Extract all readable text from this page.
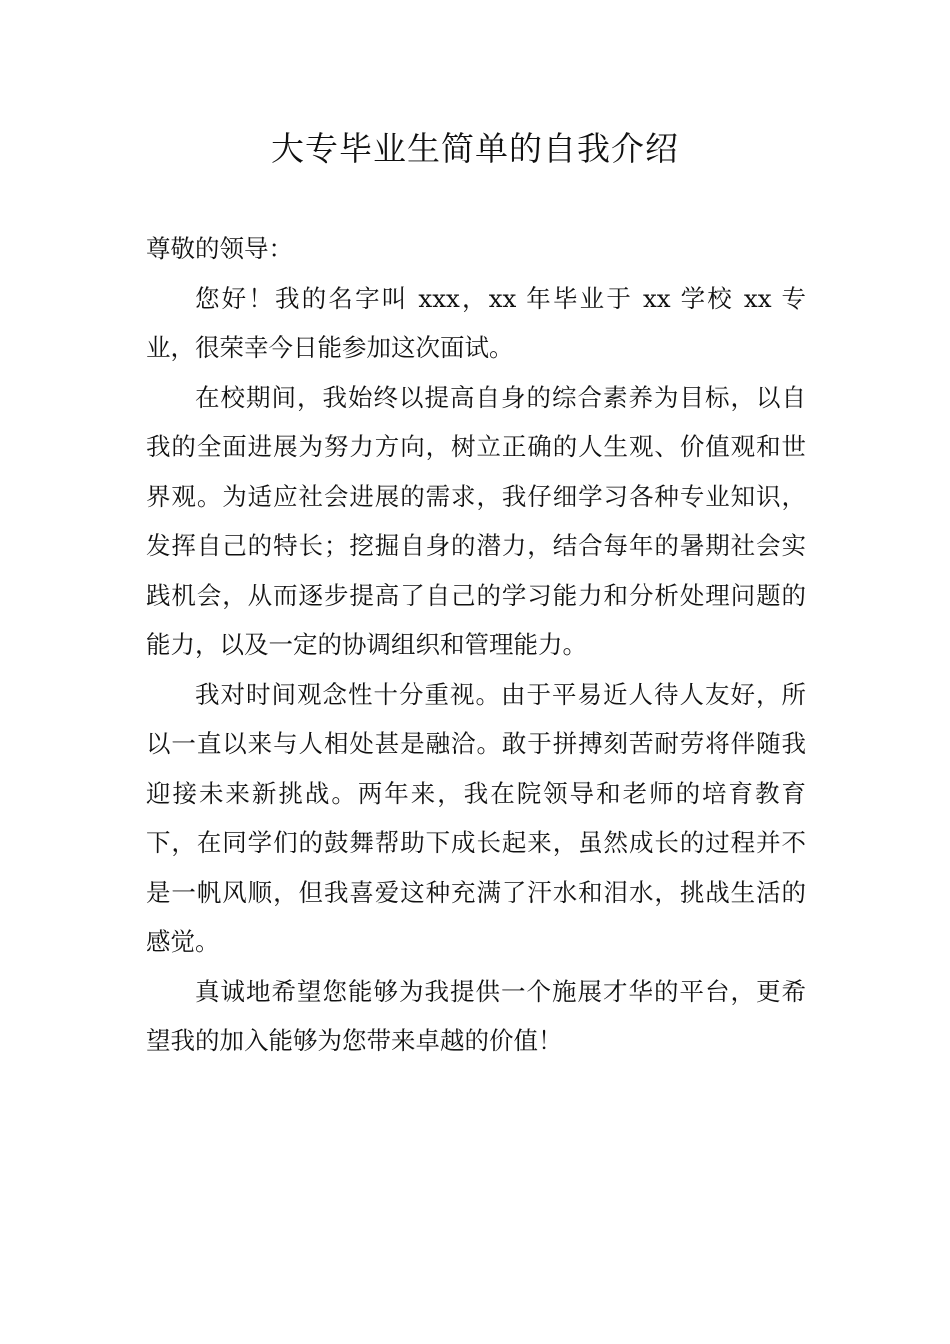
大专毕业生简单的自我介绍

尊敬的领导：

您好！我的名字叫 xxx，xx 年毕业于 xx 学校 xx 专业，很荣幸今日能参加这次面试。

在校期间，我始终以提高自身的综合素养为目标，以自我的全面进展为努力方向，树立正确的人生观、价值观和世界观。为适应社会进展的需求，我仔细学习各种专业知识，发挥自己的特长；挖掘自身的潜力，结合每年的暑期社会实践机会，从而逐步提高了自己的学习能力和分析处理问题的能力，以及一定的协调组织和管理能力。

我对时间观念性十分重视。由于平易近人待人友好，所以一直以来与人相处甚是融洽。敢于拼搏刻苦耐劳将伴随我迎接未来新挑战。两年来，我在院领导和老师的培育教育下，在同学们的鼓舞帮助下成长起来，虽然成长的过程并不是一帆风顺，但我喜爱这种充满了汗水和泪水，挑战生活的感觉。

真诚地希望您能够为我提供一个施展才华的平台，更希望我的加入能够为您带来卓越的价值！
